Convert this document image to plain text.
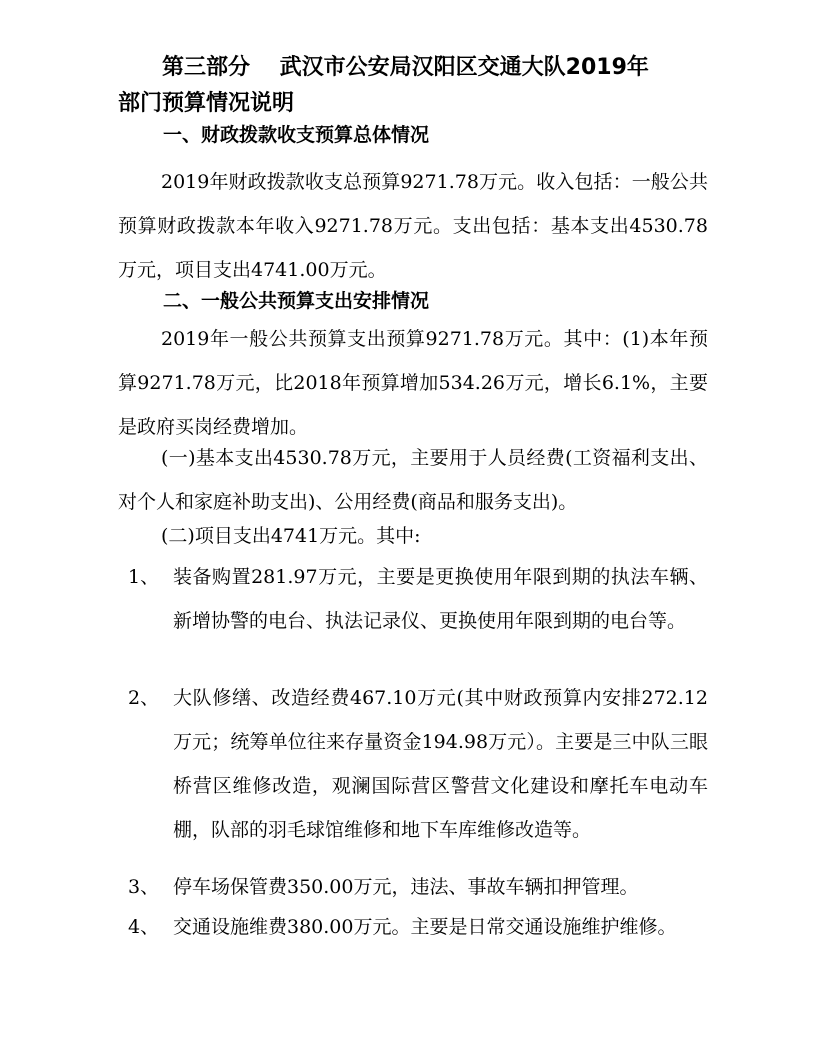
第三部分　 武汉市公安局汉阳区交通大队2019年
部门预算情况说明
一、财政拨款收支预算总体情况

2019年财政拨款收支总预算9271.78万元。收入包括：一般公共预算财政拨款本年收入9271.78万元。支出包括：基本支出4530.78万元，项目支出4741.00万元。

二、一般公共预算支出安排情况

2019年一般公共预算支出预算9271.78万元。其中：(1)本年预算9271.78万元，比2018年预算增加534.26万元，增长6.1%，主要是政府买岗经费增加。

(一)基本支出4530.78万元，主要用于人员经费(工资福利支出、对个人和家庭补助支出)、公用经费(商品和服务支出)。

(二)项目支出4741万元。其中:

1、 装备购置281.97万元，主要是更换使用年限到期的执法车辆、新增协警的电台、执法记录仪、更换使用年限到期的电台等。
2、 大队修缮、改造经费467.10万元(其中财政预算内安排272.12万元；统筹单位往来存量资金194.98万元）。主要是三中队三眼桥营区维修改造，观澜国际营区警营文化建设和摩托车电动车棚，队部的羽毛球馆维修和地下车库维修改造等。
3、 停车场保管费350.00万元，违法、事故车辆扣押管理。
4、 交通设施维费380.00万元。主要是日常交通设施维护维修。
